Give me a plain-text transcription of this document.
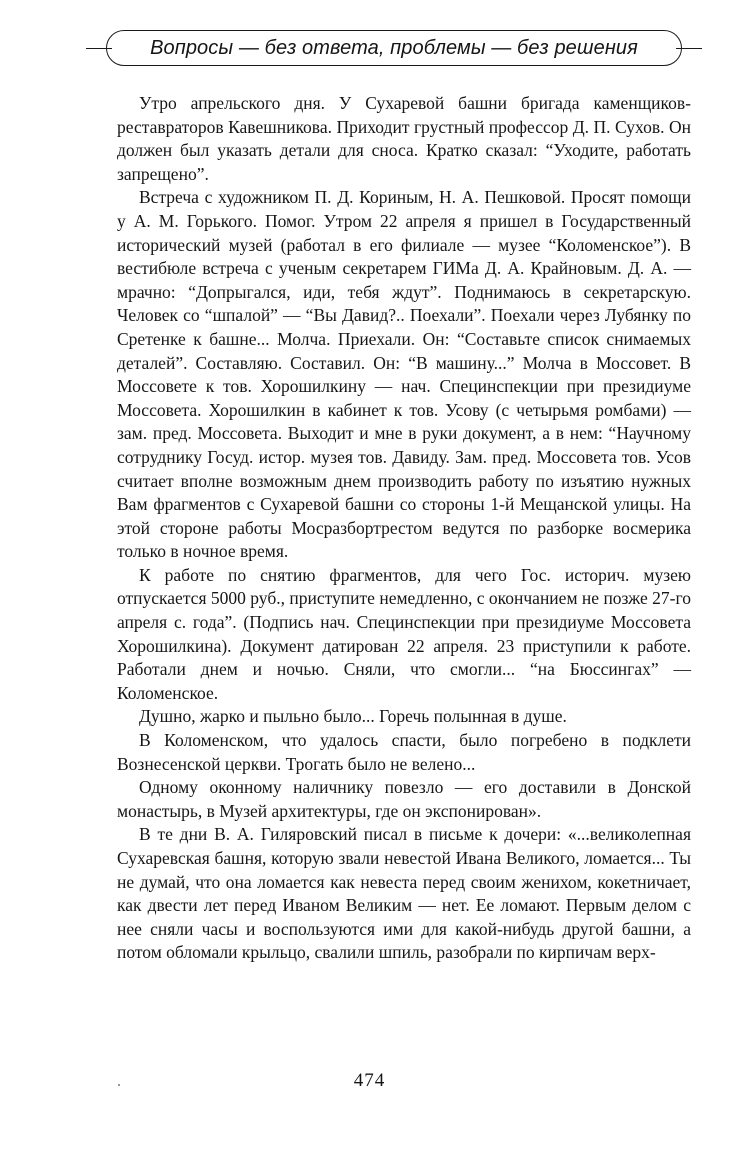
Вопросы — без ответа, проблемы — без решения

Утро апрельского дня. У Сухаревой башни бригада каменщиков-реставраторов Кавешникова. Приходит грустный профессор Д. П. Сухов. Он должен был указать детали для сноса. Кратко сказал: “Уходите, работать запрещено”.

Встреча с художником П. Д. Кориным, Н. А. Пешковой. Просят помощи у А. М. Горького. Помог. Утром 22 апреля я пришел в Государственный исторический музей (работал в его филиале — музее “Коломенское”). В вестибюле встреча с ученым секретарем ГИМа Д. А. Крайновым. Д. А. — мрачно: “Допрыгался, иди, тебя ждут”. Поднимаюсь в секретарскую. Человек со “шпалой” — “Вы Давид?.. Поехали”. Поехали через Лубянку по Сретенке к башне... Молча. Приехали. Он: “Составьте список снимаемых деталей”. Составляю. Составил. Он: “В машину...” Молча в Моссовет. В Моссовете к тов. Хорошилкину — нач. Специнспекции при президиуме Моссовета. Хорошилкин в кабинет к тов. Усову (с четырьмя ромбами) — зам. пред. Моссовета. Выходит и мне в руки документ, а в нем: “Научному сотруднику Госуд. истор. музея тов. Давиду. Зам. пред. Моссовета тов. Усов считает вполне возможным днем производить работу по изъятию нужных Вам фрагментов с Сухаревой башни со стороны 1-й Мещанской улицы. На этой стороне работы Мосразбортрестом ведутся по разборке восмерика только в ночное время.

К работе по снятию фрагментов, для чего Гос. историч. музею отпускается 5000 руб., приступите немедленно, с окончанием не позже 27-го апреля с. года”. (Подпись нач. Специнспекции при президиуме Моссовета Хорошилкина). Документ датирован 22 апреля. 23 приступили к работе. Работали днем и ночью. Сняли, что смогли... “на Бюссингах” — Коломенское.

Душно, жарко и пыльно было... Горечь полынная в душе.

В Коломенском, что удалось спасти, было погребено в подклети Вознесенской церкви. Трогать было не велено...

Одному оконному наличнику повезло — его доставили в Донской монастырь, в Музей архитектуры, где он экспонирован».

В те дни В. А. Гиляровский писал в письме к дочери: «...великолепная Сухаревская башня, которую звали невестой Ивана Великого, ломается... Ты не думай, что она ломается как невеста перед своим женихом, кокетничает, как двести лет перед Иваном Великим — нет. Ее ломают. Первым делом с нее сняли часы и воспользуются ими для какой-нибудь другой башни, а потом обломали крыльцо, свалили шпиль, разобрали по кирпичам верх-

474
